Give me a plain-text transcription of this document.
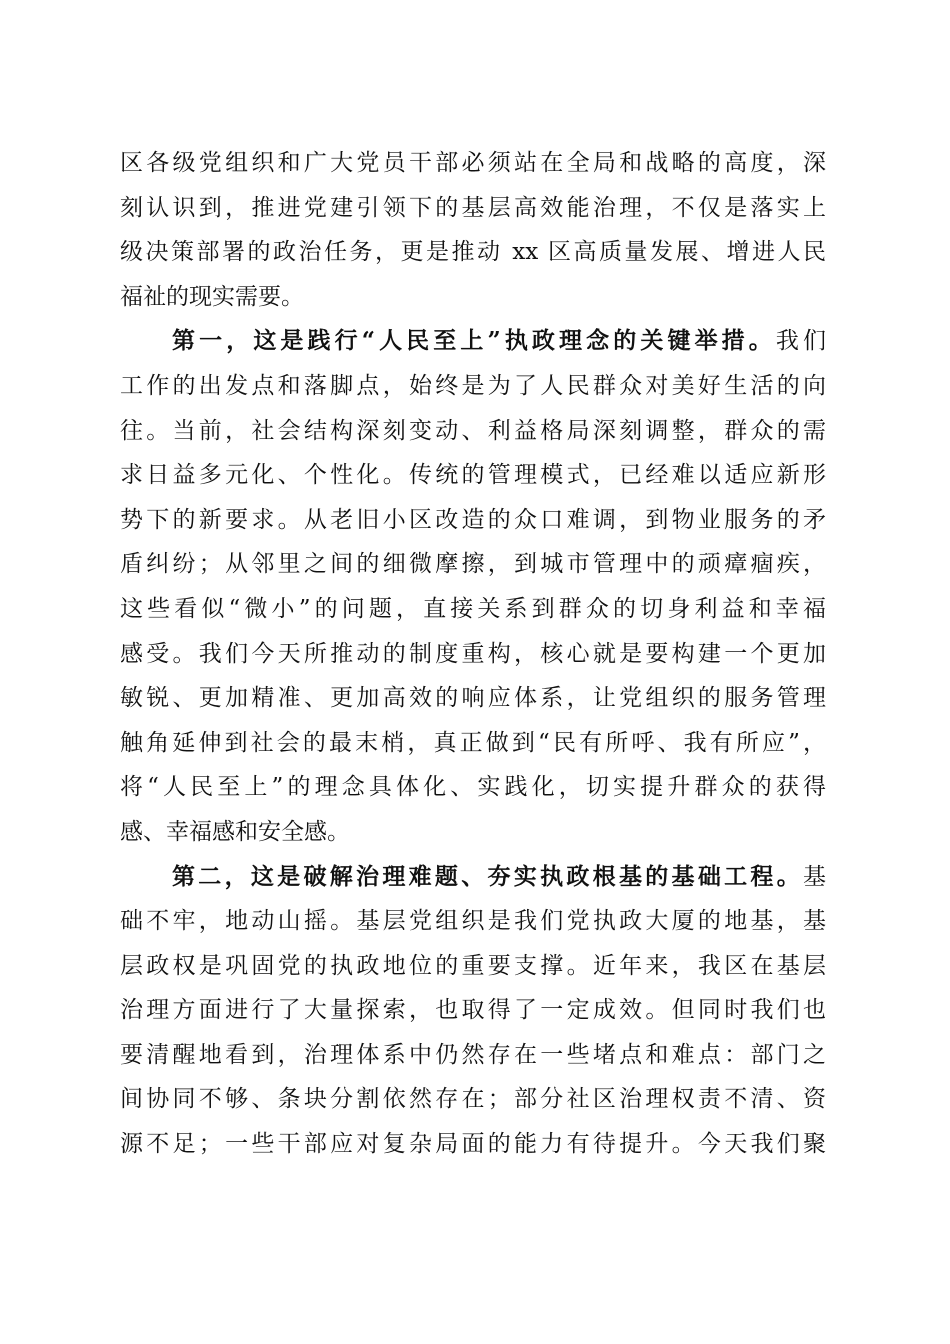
区各级党组织和广大党员干部必须站在全局和战略的高度，深
刻认识到，推进党建引领下的基层高效能治理，不仅是落实上
级决策部署的政治任务，更是推动 xx 区高质量发展、增进人民
福祉的现实需要。
第一，这是践行“人民至上”执政理念的关键举措。我们
工作的出发点和落脚点，始终是为了人民群众对美好生活的向
往。当前，社会结构深刻变动、利益格局深刻调整，群众的需
求日益多元化、个性化。传统的管理模式，已经难以适应新形
势下的新要求。从老旧小区改造的众口难调，到物业服务的矛
盾纠纷；从邻里之间的细微摩擦，到城市管理中的顽瘴痼疾，
这些看似“微小”的问题，直接关系到群众的切身利益和幸福
感受。我们今天所推动的制度重构，核心就是要构建一个更加
敏锐、更加精准、更加高效的响应体系，让党组织的服务管理
触角延伸到社会的最末梢，真正做到“民有所呼、我有所应”，
将“人民至上”的理念具体化、实践化，切实提升群众的获得
感、幸福感和安全感。
第二，这是破解治理难题、夯实执政根基的基础工程。基
础不牢，地动山摇。基层党组织是我们党执政大厦的地基，基
层政权是巩固党的执政地位的重要支撑。近年来，我区在基层
治理方面进行了大量探索，也取得了一定成效。但同时我们也
要清醒地看到，治理体系中仍然存在一些堵点和难点：部门之
间协同不够、条块分割依然存在；部分社区治理权责不清、资
源不足；一些干部应对复杂局面的能力有待提升。今天我们聚
